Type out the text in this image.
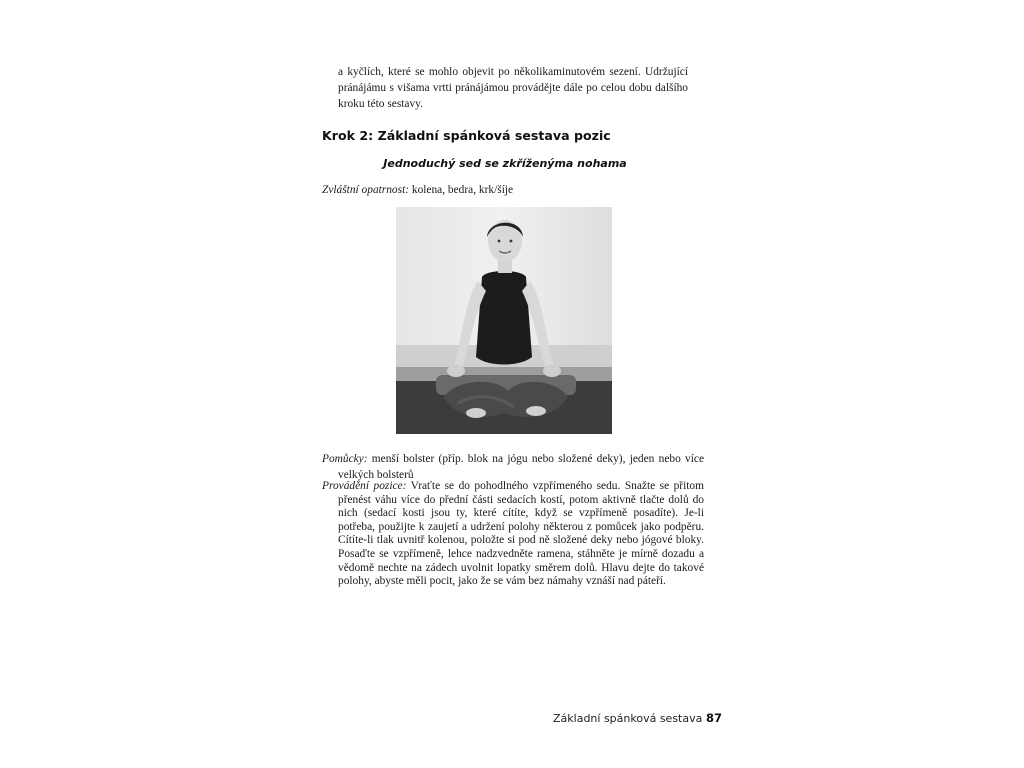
a kyčlích, které se mohlo objevit po několikaminutovém sezení. Udržující pránájámu s višama vrtti pránájámou provádějte dále po celou dobu dalšího kroku této sestavy.

Krok 2: Základní spánková sestava pozic
Jednoduchý sed se zkříženýma nohama
Zvláštní opatrnost: kolena, bedra, krk/šíje
Pomůcky: menší bolster (příp. blok na jógu nebo složené deky), jeden nebo více velkých bolsterů
Provádění pozice: Vraťte se do pohodlného vzpřímeného sedu. Snažte se přitom přenést váhu více do přední části sedacích kostí, potom aktivně tlačte dolů do nich (sedací kosti jsou ty, které cítíte, když se vzpřímeně posadíte). Je-li potřeba, použijte k zaujetí a udržení polohy některou z pomůcek jako podpěru. Cítíte-li tlak uvnitř kolenou, položte si pod ně složené deky nebo jógové bloky. Posaďte se vzpřímeně, lehce nadzvedněte ramena, stáhněte je mírně dozadu a vědomě nechte na zádech uvolnit lopatky směrem dolů. Hlavu dejte do takové polohy, abyste měli pocit, jako že se vám bez námahy vznáší nad páteří.
Základní spánková sestava 87
